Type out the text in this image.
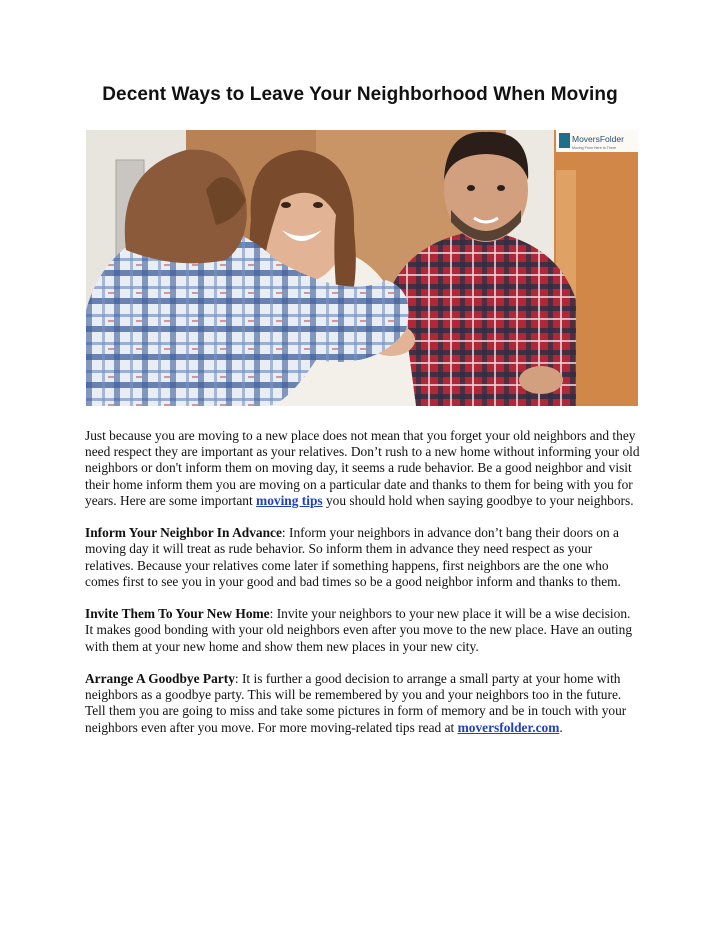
Decent Ways to Leave Your Neighborhood When Moving
MoversFolder
Moving From Here to There

Just because you are moving to a new place does not mean that you forget your old neighbors and they need respect they are important as your relatives. Don’t rush to a new home without informing your old neighbors or don't inform them on moving day, it seems a rude behavior. Be a good neighbor and visit their home inform them you are moving on a particular date and thanks to them for being with you for years. Here are some important moving tips you should hold when saying goodbye to your neighbors.

Inform Your Neighbor In Advance: Inform your neighbors in advance don’t bang their doors on a moving day it will treat as rude behavior. So inform them in advance they need respect as your relatives. Because your relatives come later if something happens, first neighbors are the one who comes first to see you in your good and bad times so be a good neighbor inform and thanks to them.

Invite Them To Your New Home: Invite your neighbors to your new place it will be a wise decision. It makes good bonding with your old neighbors even after you move to the new place. Have an outing with them at your new home and show them new places in your new city.

Arrange A Goodbye Party: It is further a good decision to arrange a small party at your home with neighbors as a goodbye party. This will be remembered by you and your neighbors too in the future. Tell them you are going to miss and take some pictures in form of memory and be in touch with your neighbors even after you move. For more moving-related tips read at moversfolder.com.
